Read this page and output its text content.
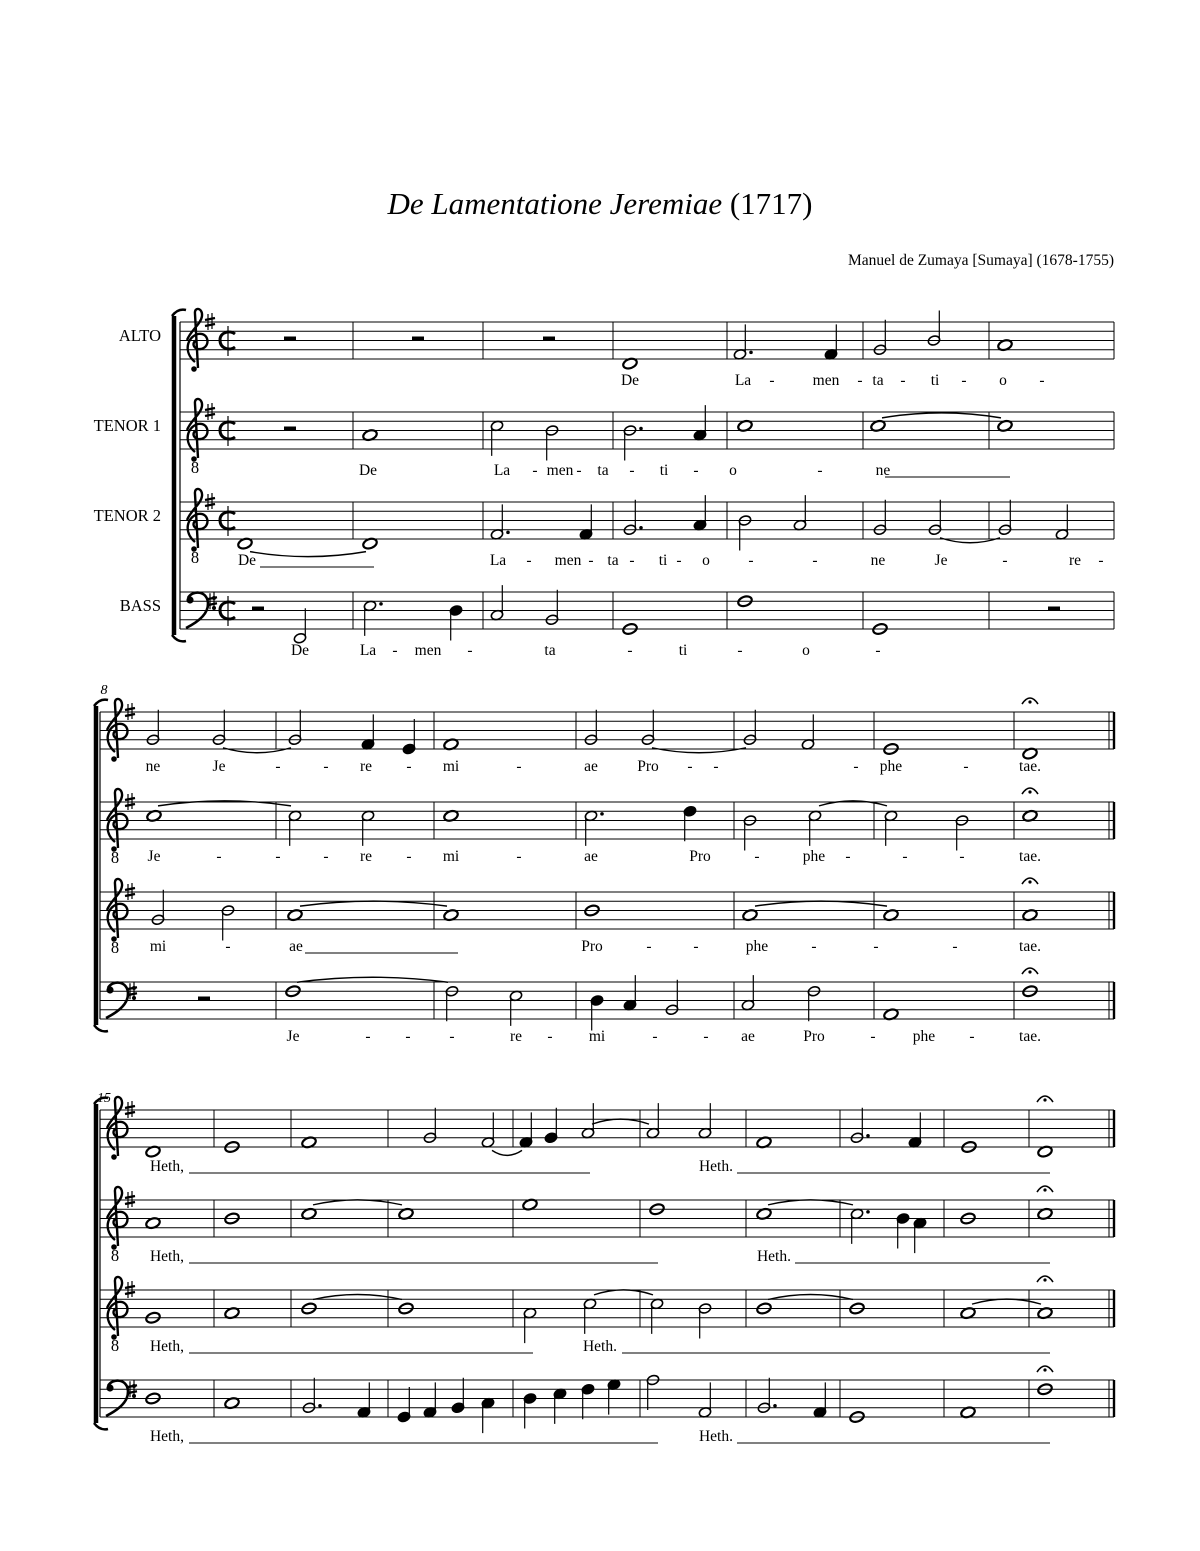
De Lamentatione Jeremiae (1717)
Manuel de Zumaya [Sumaya] (1678-1755)
8
8
8
8
8
8
ALTO
De	La - men - ta - ti - o -
TENOR 1
De	La - men - ta - ti - o	-	ne
TENOR 2
De	La - men - ta - ti - o -	-	ne	Je	-	re -
BASS
De	La - men -	ta	-	ti	-	o	-
8
ne	Je	-	- re - mi	-	ae	Pro - -	- phe	-	tae.
Je	-	-	- re - mi	-	ae	Pro	-	phe -	-	-	tae.
mi	-	ae	Pro	-	-	phe	-	-	-	tae.
Je	- -	-	re - mi	-	- ae	Pro	- phe -	tae.
15
Heth,	Heth.
Heth,	Heth.
Heth,	Heth.
Heth,	Heth.
